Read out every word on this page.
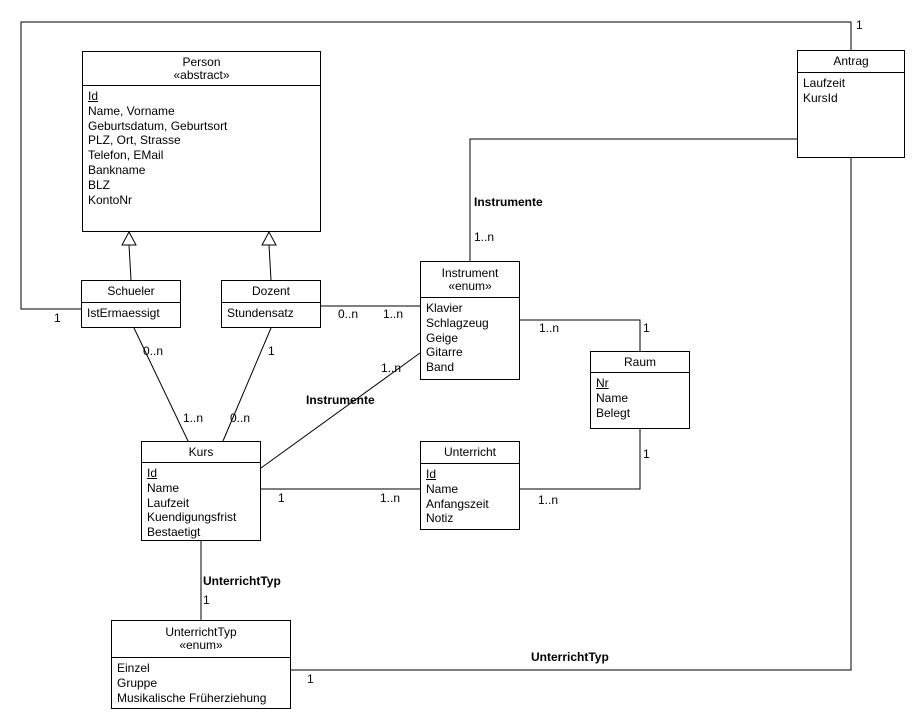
Person
«abstract»
Id
Name, Vorname
Geburtsdatum, Geburtsort
PLZ, Ort, Strasse
Telefon, EMail
Bankname
BLZ
KontoNr
Antrag
Laufzeit
KursId
Schueler
IstErmaessigt
Dozent
Stundensatz
Instrument
«enum»
Klavier
Schlagzeug
Geige
Gitarre
Band	Raum
Nr
Name
Belegt
Kurs
Id
Name
Laufzeit
Kuendigungsfrist
Bestaetigt
Unterricht
Id
Name
Anfangszeit
Notiz
UnterrichtTyp
«enum»
Einzel
Gruppe
Musikalische Früherziehung
1
1
0..n
1..n
1
0..n
0..n 1..n
Instrumente
1..n
Instrumente
1..n
1..n	1
1
1..n
1	1..n
UnterrichtTyp
1
1
UnterrichtTyp
